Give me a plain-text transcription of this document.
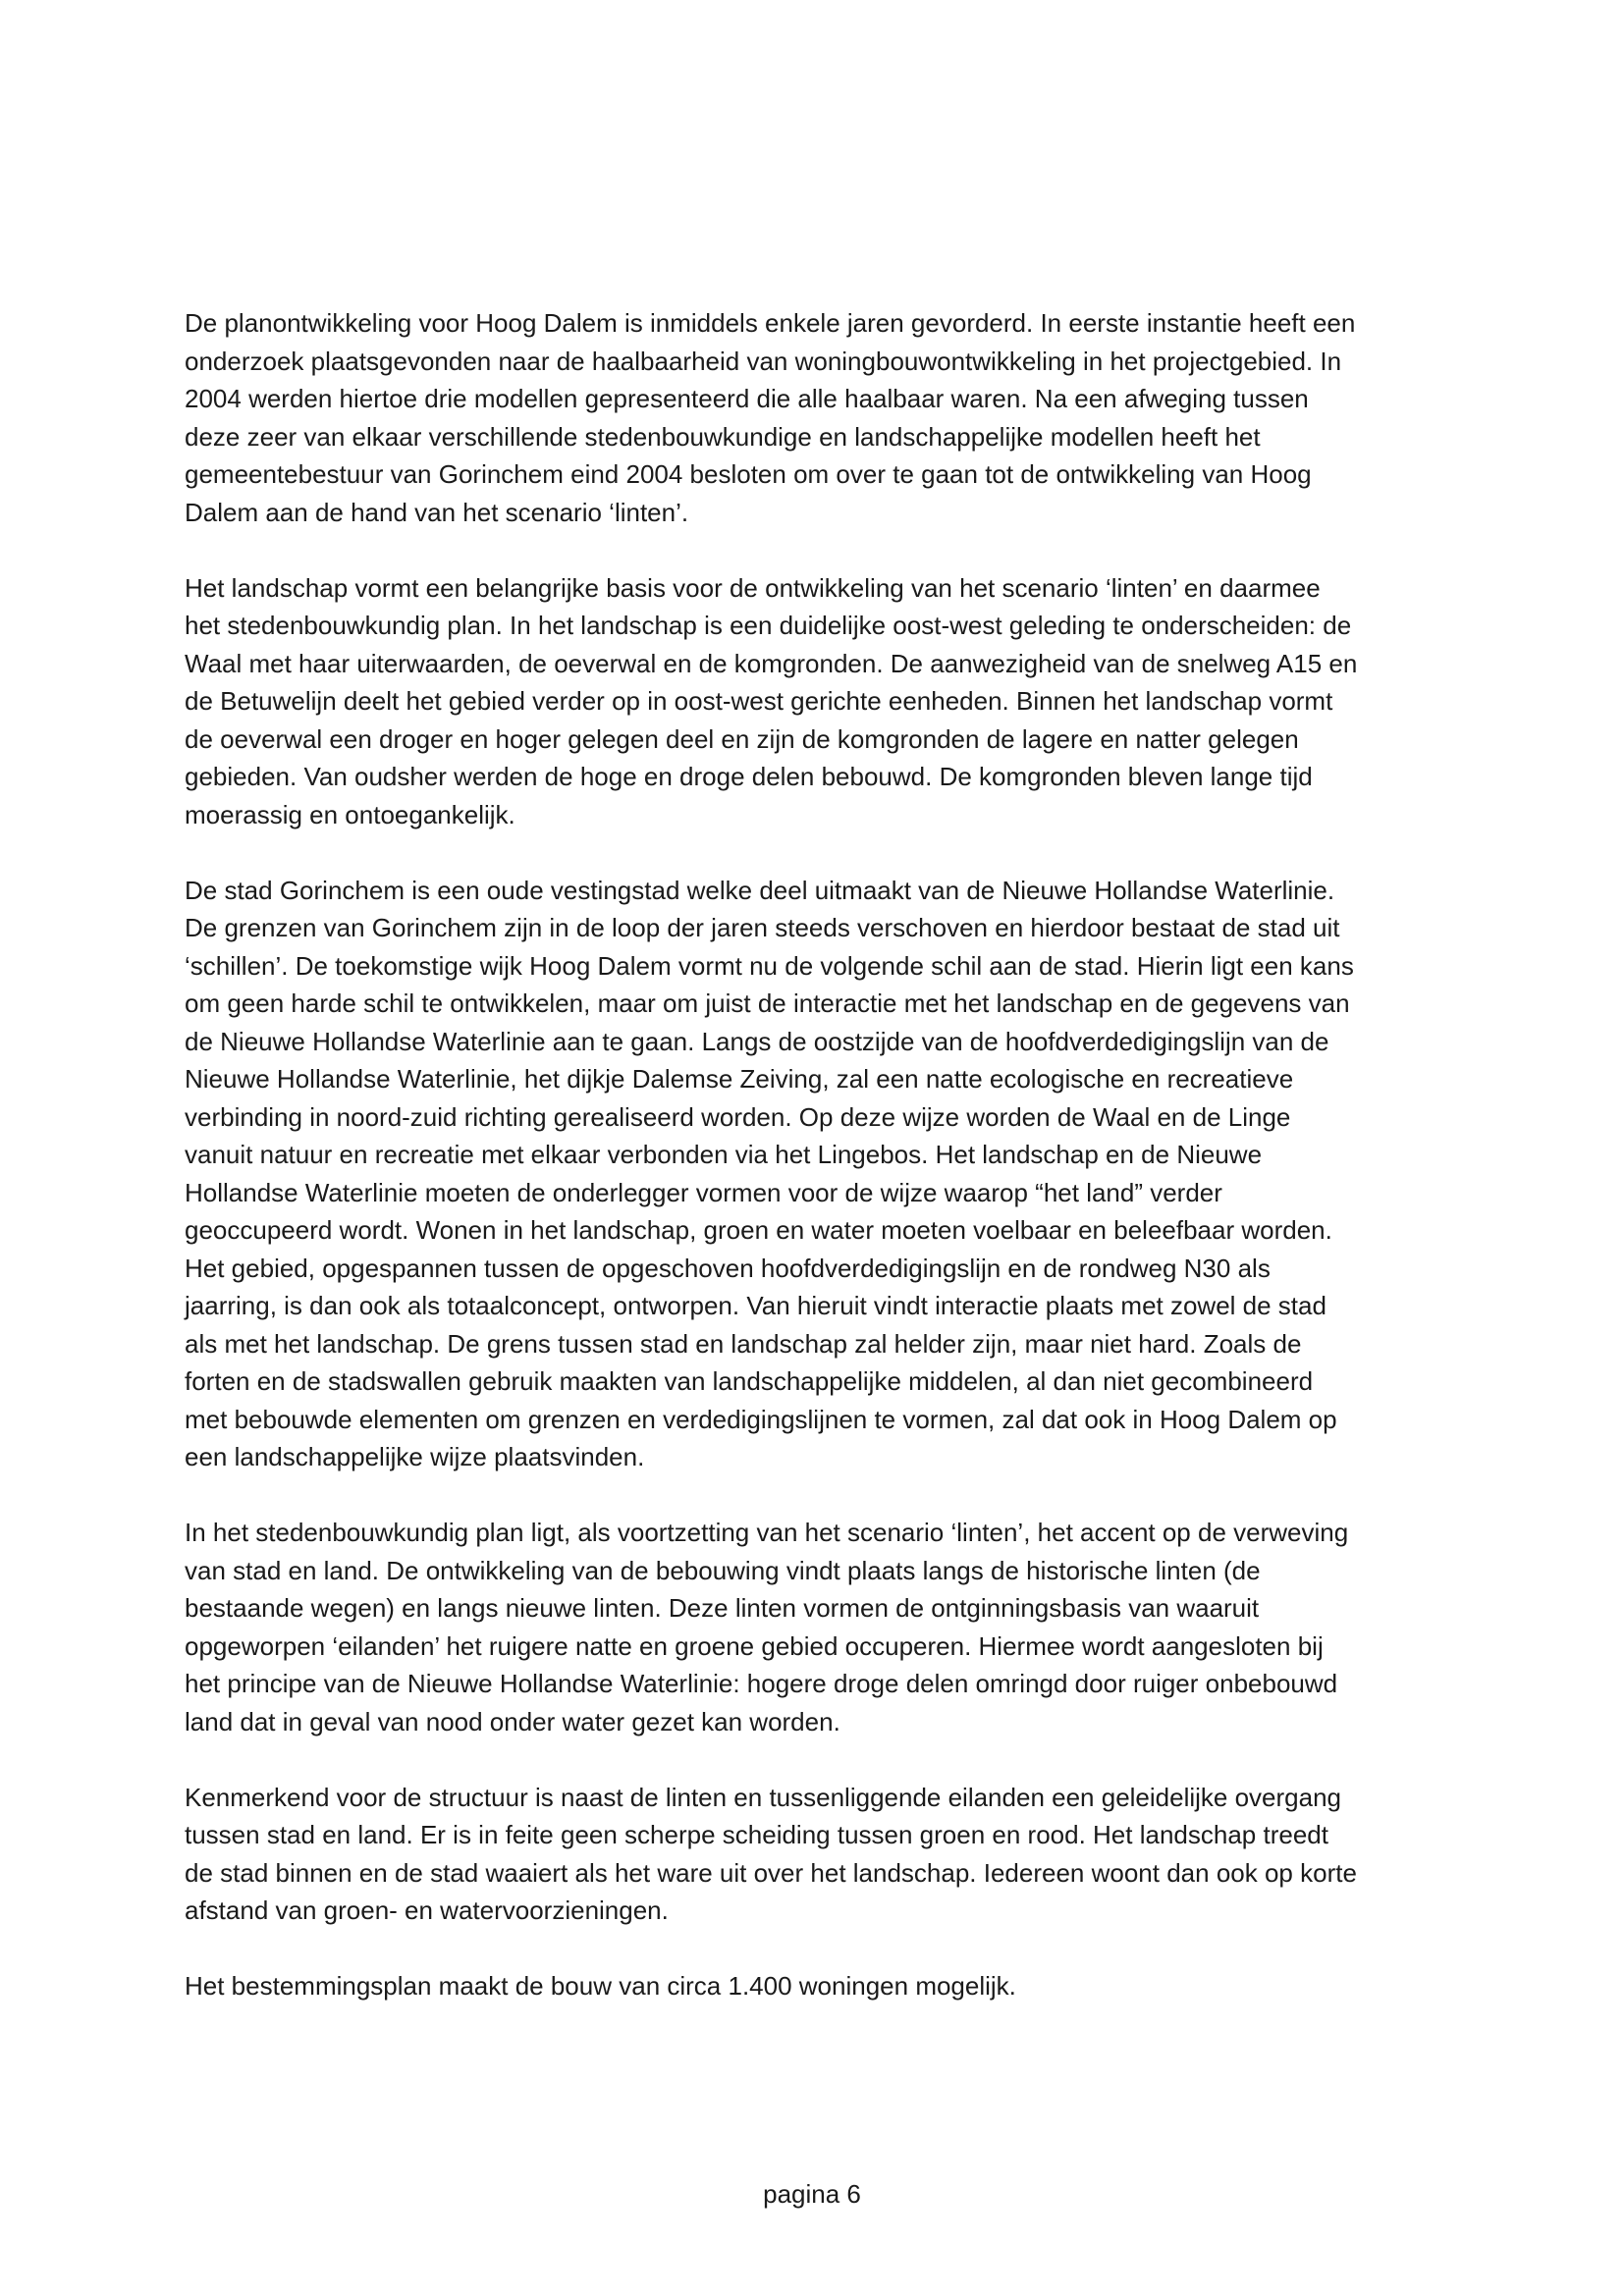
De planontwikkeling voor Hoog Dalem is inmiddels enkele jaren gevorderd. In eerste instantie heeft een
onderzoek plaatsgevonden naar de haalbaarheid van woningbouwontwikkeling in het projectgebied. In
2004 werden hiertoe drie modellen gepresenteerd die alle haalbaar waren. Na een afweging tussen
deze zeer van elkaar verschillende stedenbouwkundige en landschappelijke modellen heeft het
gemeentebestuur van Gorinchem eind 2004 besloten om over te gaan tot de ontwikkeling van Hoog
Dalem aan de hand van het scenario ‘linten’.

Het landschap vormt een belangrijke basis voor de ontwikkeling van het scenario ‘linten’ en daarmee
het stedenbouwkundig plan. In het landschap is een duidelijke oost-west geleding te onderscheiden: de
Waal met haar uiterwaarden, de oeverwal en de komgronden. De aanwezigheid van de snelweg A15 en
de Betuwelijn deelt het gebied verder op in oost-west gerichte eenheden. Binnen het landschap vormt
de oeverwal een droger en hoger gelegen deel en zijn de komgronden de lagere en natter gelegen
gebieden. Van oudsher werden de hoge en droge delen bebouwd. De komgronden bleven lange tijd
moerassig en ontoegankelijk.

De stad Gorinchem is een oude vestingstad welke deel uitmaakt van de Nieuwe Hollandse Waterlinie.
De grenzen van Gorinchem zijn in de loop der jaren steeds verschoven en hierdoor bestaat de stad uit
‘schillen’. De toekomstige wijk Hoog Dalem vormt nu de volgende schil aan de stad. Hierin ligt een kans
om geen harde schil te ontwikkelen, maar om juist de interactie met het landschap en de gegevens van
de Nieuwe Hollandse Waterlinie aan te gaan. Langs de oostzijde van de hoofdverdedigingslijn van de
Nieuwe Hollandse Waterlinie, het dijkje Dalemse Zeiving, zal een natte ecologische en recreatieve
verbinding in noord-zuid richting gerealiseerd worden. Op deze wijze worden de Waal en de Linge
vanuit natuur en recreatie met elkaar verbonden via het Lingebos. Het landschap en de Nieuwe
Hollandse Waterlinie moeten de onderlegger vormen voor de wijze waarop “het land” verder
geoccupeerd wordt. Wonen in het landschap, groen en water moeten voelbaar en beleefbaar worden.
Het gebied, opgespannen tussen de opgeschoven hoofdverdedigingslijn en de rondweg N30 als
jaarring, is dan ook als totaalconcept, ontworpen. Van hieruit vindt interactie plaats met zowel de stad
als met het landschap. De grens tussen stad en landschap zal helder zijn, maar niet hard. Zoals de
forten en de stadswallen gebruik maakten van landschappelijke middelen, al dan niet gecombineerd
met bebouwde elementen om grenzen en verdedigingslijnen te vormen, zal dat ook in Hoog Dalem op
een landschappelijke wijze plaatsvinden.

In het stedenbouwkundig plan ligt, als voortzetting van het scenario ‘linten’, het accent op de verweving
van stad en land. De ontwikkeling van de bebouwing vindt plaats langs de historische linten (de
bestaande wegen) en langs nieuwe linten. Deze linten vormen de ontginningsbasis van waaruit
opgeworpen ‘eilanden’ het ruigere natte en groene gebied occuperen. Hiermee wordt aangesloten bij
het principe van de Nieuwe Hollandse Waterlinie: hogere droge delen omringd door ruiger onbebouwd
land dat in geval van nood onder water gezet kan worden.

Kenmerkend voor de structuur is naast de linten en tussenliggende eilanden een geleidelijke overgang
tussen stad en land. Er is in feite geen scherpe scheiding tussen groen en rood. Het landschap treedt
de stad binnen en de stad waaiert als het ware uit over het landschap. Iedereen woont dan ook op korte
afstand van groen- en watervoorzieningen.

Het bestemmingsplan maakt de bouw van circa 1.400 woningen mogelijk.

pagina 6
